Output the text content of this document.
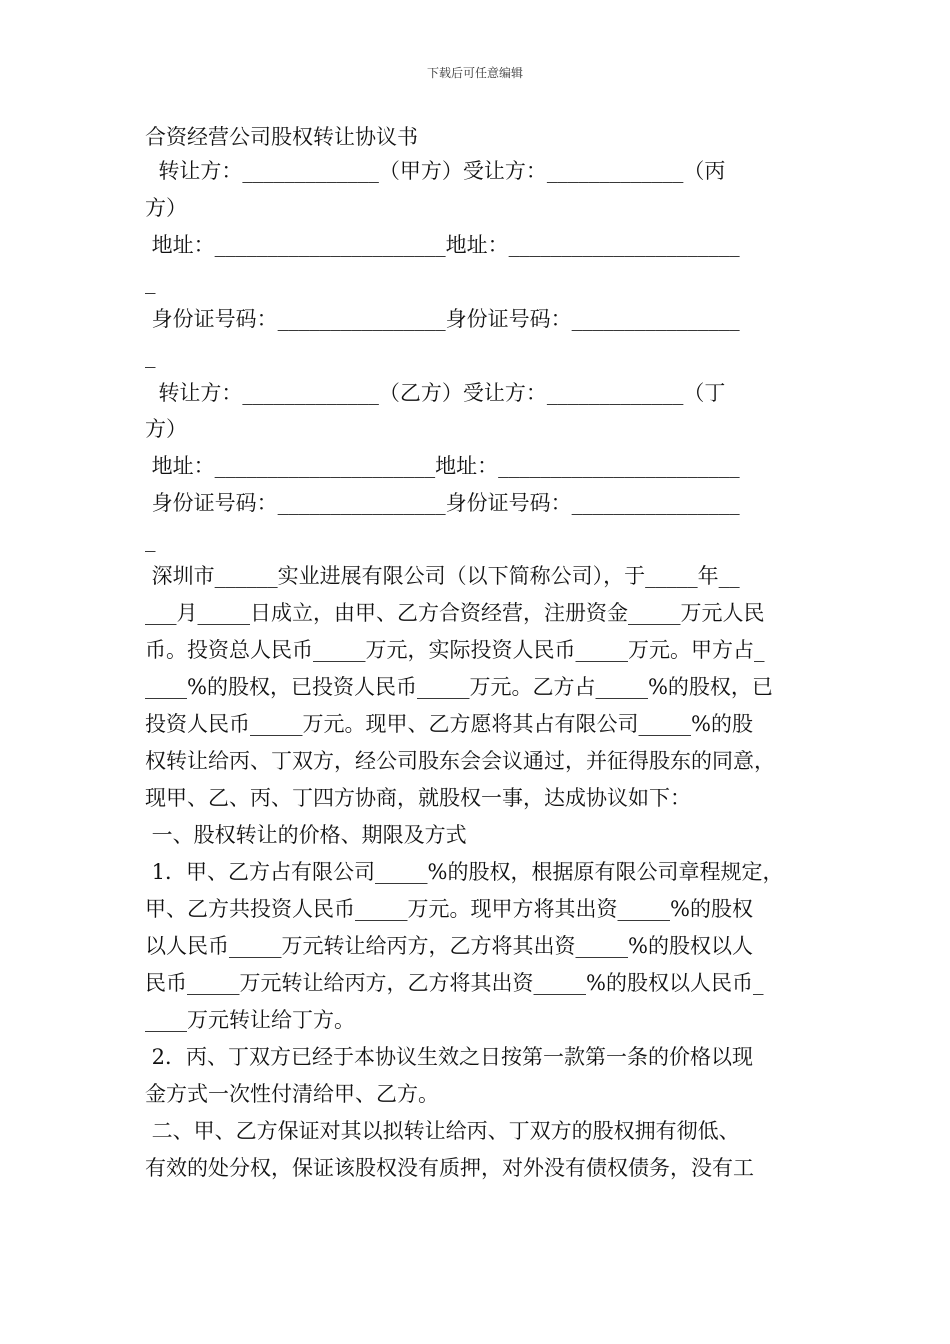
下载后可任意编辑
合资经营公司股权转让协议书
转让方：_____________（甲方）受让方：_____________（丙
方）
地址：______________________地址：______________________
_
身份证号码：________________身份证号码：________________
_
转让方：_____________（乙方）受让方：_____________（丁
方）
地址：_____________________地址：_______________________
身份证号码：________________身份证号码：________________
_
深圳市______实业进展有限公司（以下简称公司），于_____年__
___月_____日成立，由甲、乙方合资经营，注册资金_____万元人民
币。投资总人民币_____万元，实际投资人民币_____万元。甲方占_
____%的股权，已投资人民币_____万元。乙方占_____%的股权，已
投资人民币_____万元。现甲、乙方愿将其占有限公司_____%的股
权转让给丙、丁双方，经公司股东会会议通过，并征得股东的同意，
现甲、乙、丙、丁四方协商，就股权一事，达成协议如下：
一、股权转让的价格、期限及方式
1．甲、乙方占有限公司_____%的股权，根据原有限公司章程规定，
甲、乙方共投资人民币_____万元。现甲方将其出资_____%的股权
以人民币_____万元转让给丙方，乙方将其出资_____%的股权以人
民币_____万元转让给丙方，乙方将其出资_____%的股权以人民币_
____万元转让给丁方。
2．丙、丁双方已经于本协议生效之日按第一款第一条的价格以现
金方式一次性付清给甲、乙方。
二、甲、乙方保证对其以拟转让给丙、丁双方的股权拥有彻低、
有效的处分权，保证该股权没有质押，对外没有债权债务，没有工
